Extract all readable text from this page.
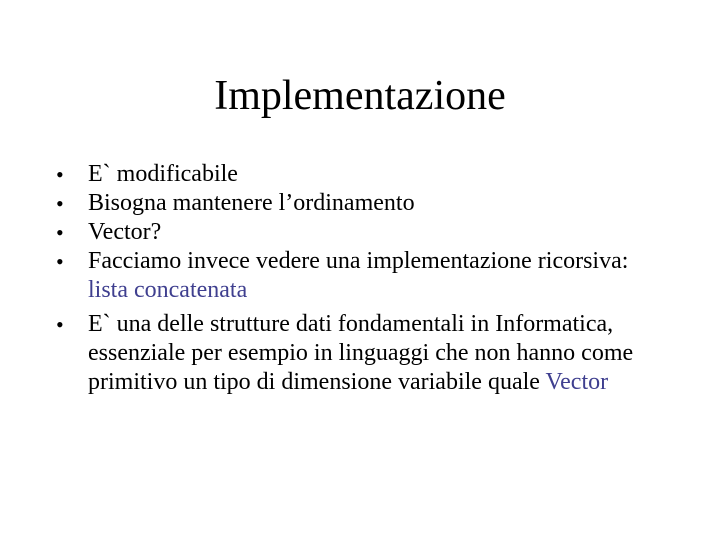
Implementazione
• E` modificabile
• Bisogna mantenere l’ordinamento
• Vector?
• Facciamo invece vedere una implementazione ricorsiva: lista concatenata
• E` una delle strutture dati fondamentali in Informatica, essenziale per esempio in linguaggi che non hanno come primitivo un tipo di dimensione variabile quale Vector
